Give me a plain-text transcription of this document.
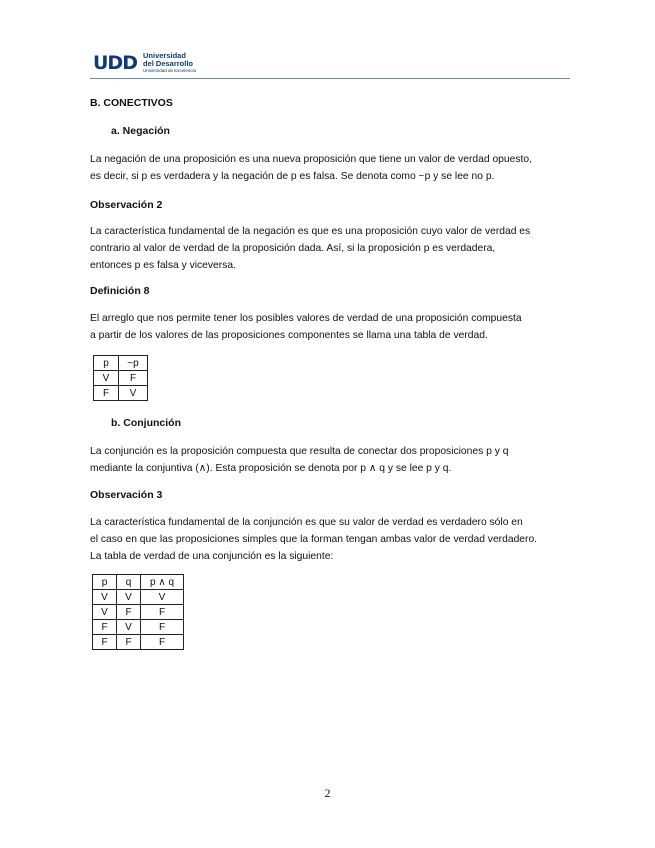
UDD Universidad
del Desarrollo
Universidad de Excelencia
B. CONECTIVOS
a. Negación
La negación de una proposición es una nueva proposición que tiene un valor de verdad opuesto,
es decir, si p es verdadera y la negación de p es falsa. Se denota como ~p y se lee no p.
Observación 2
La característica fundamental de la negación es que es una proposición cuyo valor de verdad es
contrario al valor de verdad de la proposición dada. Así, si la proposición p es verdadera,
entonces p es falsa y viceversa.
Definición 8
El arreglo que nos permite tener los posibles valores de verdad de una proposición compuesta
a partir de los valores de las proposiciones componentes se llama una tabla de verdad.
p	~p
V	F
F	V
b. Conjunción
La conjunción es la proposición compuesta que resulta de conectar dos proposiciones p y q
mediante la conjuntiva (∧). Esta proposición se denota por p ∧ q y se lee p y q.
Observación 3
La característica fundamental de la conjunción es que su valor de verdad es verdadero sólo en
el caso en que las proposiciones simples que la forman tengan ambas valor de verdad verdadero.
La tabla de verdad de una conjunción es la siguiente:
p	q	p ∧ q
V	V	V
V	F	F
F	V	F
F	F	F
2
